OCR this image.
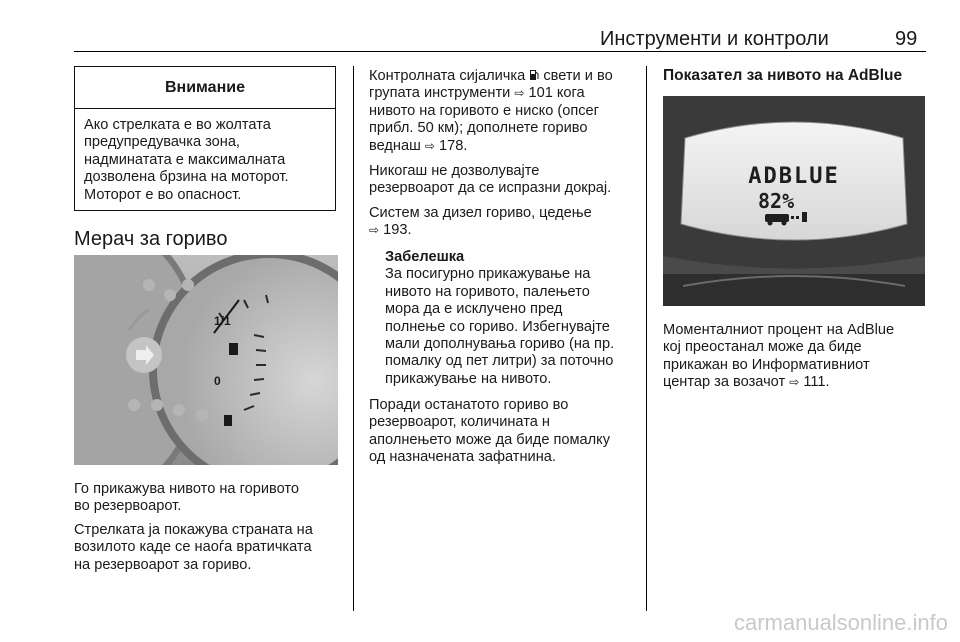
Инструменти и контроли	99
Внимание
Ако стрелката е во жолтата
предупредувачка зона,
надминатата е максималната
дозволена брзина на моторот.
Моторот е во опасност.
Мерач за гориво
1/1
0
Го прикажува нивото на горивото
во резервоарот.
Стрелката ја покажува страната на
возилото каде се наоѓа вратичката
на резервоарот за гориво.
Контролната сијаличка свети и во
групата инструменти ⇨ 101 кога
нивото на горивото е ниско (опсег
прибл. 50 км); дополнете гориво
веднаш ⇨ 178.
Никогаш не дозволувајте
резервоарот да се испразни докрај.
Систем за дизел гориво, цедење
⇨ 193.
Забелешка
За посигурно прикажување на
нивото на горивото, палењето
мора да е исклучено пред
полнење со гориво. Избегнувајте
мали дополнувања гориво (на пр.
помалку од пет литри) за поточно
прикажување на нивото.
Поради останатото гориво во
резервоарот, количината н
аполнењето може да биде помалку
од назначената зафатнина.
Показател за нивото на AdBlue
ADBLUE
82%
Моменталниот процент на AdBlue
кој преостанал може да биде
прикажан во Информативниот
центар за возачот ⇨ 111.
carmanualsonline.info
